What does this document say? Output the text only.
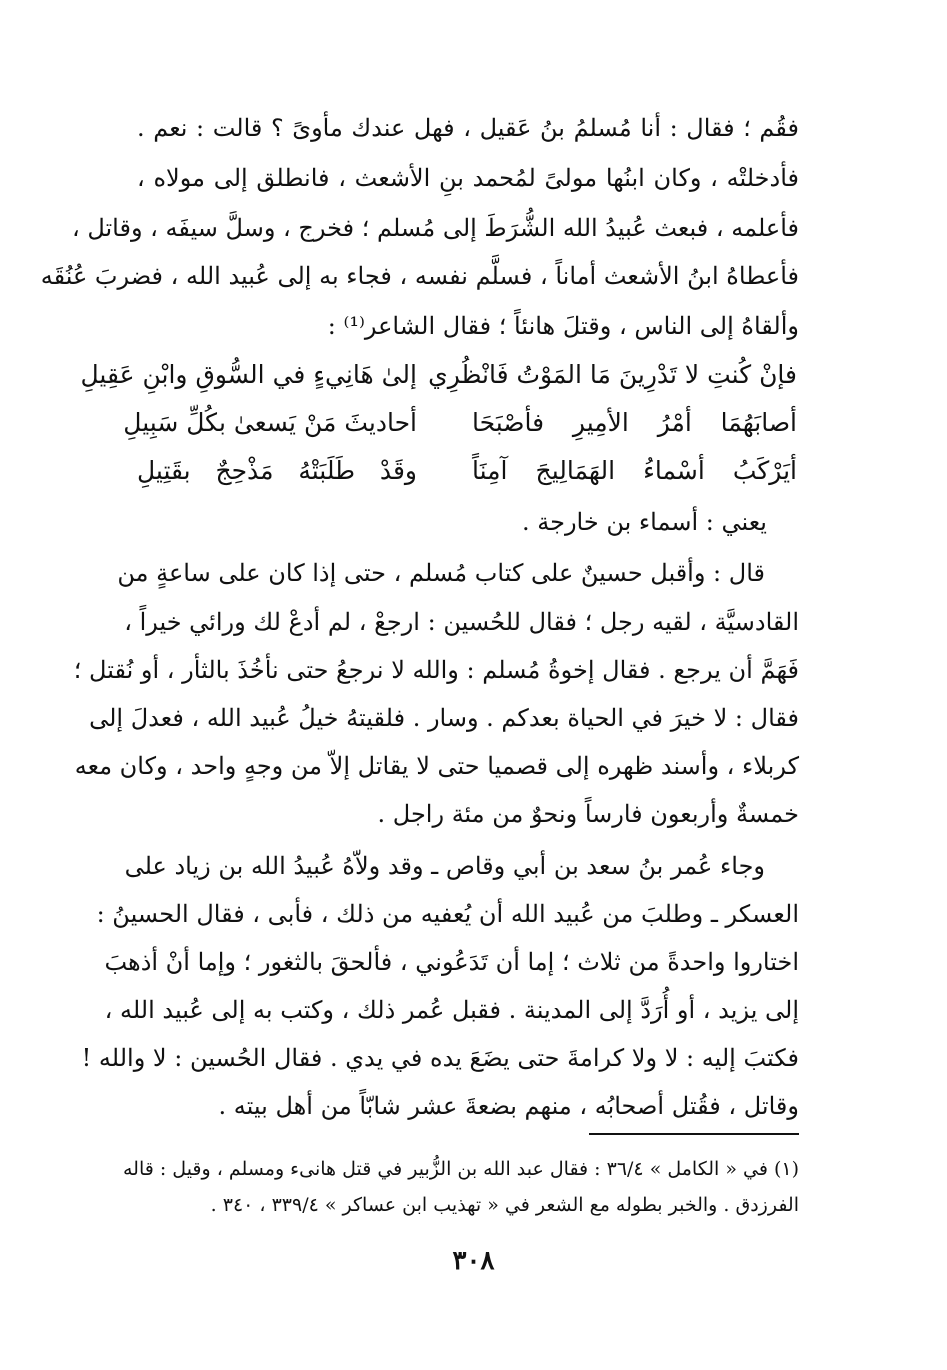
فقُم ؛ فقال : أنا مُسلمُ بنُ عَقيل ، فهل عندك مأوىً ؟ قالت : نعم .
فأدخلتْه ، وكان ابنُها مولىً لمُحمد بنِ الأشعث ، فانطلق إلى مولاه ،
فأعلمه ، فبعث عُبيدُ الله الشُّرَطَ إلى مُسلم ؛ فخرج ، وسلَّ سيفَه ، وقاتل ،
فأعطاهُ ابنُ الأشعث أماناً ، فسلَّم نفسه ، فجاء به إلى عُبيد الله ، فضربَ عُنُقَه
وألقاهُ إلى الناس ، وقتلَ هانئاً ؛ فقال الشاعر⁽¹⁾ :
فإنْ كُنتِ لا تَدْرِينَ مَا المَوْتُ فَانْظُرِي
إلىٰ هَانِيءٍ في السُّوقِ وابْنِ عَقِيلِ
أصابَهُمَا أمْرُ الأمِيرِ فأصْبَحَا
أحاديثَ مَنْ يَسعىٰ بكُلِّ سَبِيلِ
أيَرْكَبُ أسْماءُ الهَمَالِيجَ آمِنَاً
وقَدْ طَلَبَتْهُ مَذْحِجٌ بقَتِيلِ
يعني : أسماء بن خارجة .
قال : وأقبل حسينٌ على كتاب مُسلم ، حتى إذا كان على ساعةٍ من
القادسيَّة ، لقيه رجل ؛ فقال للحُسين : ارجعْ ، لم أدعْ لك ورائي خيراً ،
فَهَمَّ أن يرجع . فقال إخوةُ مُسلم : والله لا نرجعُ حتى نأخُذَ بالثأر ، أو نُقتل ؛
فقال : لا خيرَ في الحياة بعدكم . وسار . فلقيتهُ خيلُ عُبيد الله ، فعدلَ إلى
كربلاء ، وأسند ظهره إلى قصميا حتى لا يقاتل إلاّ من وجهٍ واحد ، وكان معه
خمسةٌ وأربعون فارساً ونحوٌ من مئة راجل .
وجاء عُمر بنُ سعد بن أبي وقاص ـ وقد ولاّهُ عُبيدُ الله بن زياد على
العسكر ـ وطلبَ من عُبيد الله أن يُعفيه من ذلك ، فأبى ، فقال الحسينُ :
اختاروا واحدةً من ثلاث ؛ إما أن تَدَعُوني ، فألحقَ بالثغور ؛ وإما أنْ أذهبَ
إلى يزيد ، أو أُرَدَّ إلى المدينة . فقبل عُمر ذلك ، وكتب به إلى عُبيد الله ،
فكتبَ إليه : لا ولا كرامةَ حتى يضَعَ يده في يدي . فقال الحُسين : لا والله !
وقاتل ، فقُتل أصحابُه ، منهم بضعةَ عشر شابّاً من أهل بيته .
(١) في « الكامل » ٣٦/٤ : فقال عبد الله بن الزُّبير في قتل هانىء ومسلم ، وقيل : قاله
الفرزدق . والخبر بطوله مع الشعر في « تهذيب ابن عساكر » ٣٣٩/٤ ، ٣٤٠ .
٣٠٨
